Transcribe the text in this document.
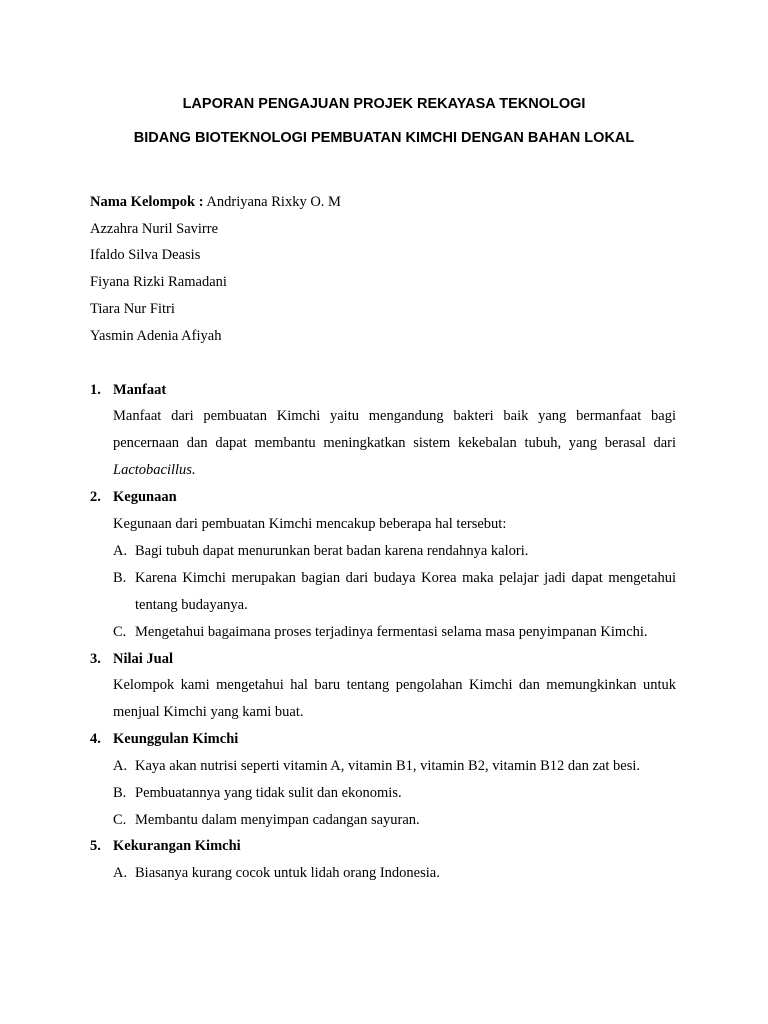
LAPORAN PENGAJUAN PROJEK REKAYASA TEKNOLOGI
BIDANG BIOTEKNOLOGI PEMBUATAN KIMCHI DENGAN BAHAN LOKAL
Nama Kelompok : Andriyana Rixky O. M
Azzahra Nuril Savirre
Ifaldo Silva Deasis
Fiyana Rizki Ramadani
Tiara Nur Fitri
Yasmin Adenia Afiyah
1. Manfaat
Manfaat dari pembuatan Kimchi yaitu mengandung bakteri baik yang bermanfaat bagi
pencernaan dan dapat membantu meningkatkan sistem kekebalan tubuh, yang berasal dari
Lactobacillus.
2. Kegunaan
Kegunaan dari pembuatan Kimchi mencakup beberapa hal tersebut:
A. Bagi tubuh dapat menurunkan berat badan karena rendahnya kalori.
B. Karena Kimchi merupakan bagian dari budaya Korea maka pelajar jadi dapat mengetahui
tentang budayanya.
C. Mengetahui bagaimana proses terjadinya fermentasi selama masa penyimpanan Kimchi.
3. Nilai Jual
Kelompok kami mengetahui hal baru tentang pengolahan Kimchi dan memungkinkan untuk
menjual Kimchi yang kami buat.
4. Keunggulan Kimchi
A. Kaya akan nutrisi seperti vitamin A, vitamin B1, vitamin B2, vitamin B12 dan zat besi.
B. Pembuatannya yang tidak sulit dan ekonomis.
C. Membantu dalam menyimpan cadangan sayuran.
5. Kekurangan Kimchi
A. Biasanya kurang cocok untuk lidah orang Indonesia.
